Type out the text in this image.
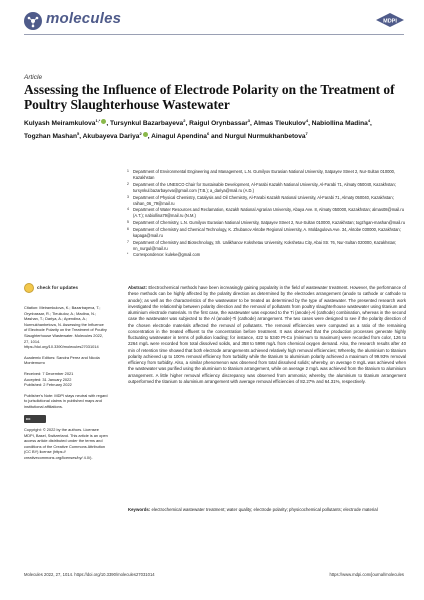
molecules	MDPI
Article
Assessing the Influence of Electrode Polarity on the Treatment of Poultry Slaughterhouse Wastewater
Kulyash Meiramkulova$^{1,*}$ , Tursynkul Bazarbayeva$^2$, Raigul Orynbassar$^3$, Almas Tleukulov$^4$, Nabiollina Madina$^4$, Togzhan Mashan$^5$, Akubayeva Dariya$^2$ , Ainagul Apendina$^6$ and Nurgul Nurmukhanbetova$^7$
1	Department of Environmental Engineering and Management, L.N. Gumilyov Eurasian National University, Satpayev Street 2, Nur-Sultan 010000, Kazakhstan
2	Department of the UNESCO Chair for Sustainable Development, Al-Farabi Kazakh National University, Al-Farabi 71, Almaty 050040, Kazakhstan; tursynkul.bazarbayeva@gmail.com (T.B.); a_dariya@mail.ru (A.D.)
3	Department of Physical Chemistry, Catalysis and Oil Chemistry, Al-Farabi Kazakh National University, Al-Farabi 71, Almaty 050040, Kazakhstan; raihan_06_79@mail.ru
4	Department of Water Resources and Reclamation, Kazakh National Agrarian University, Abaya Ave. 8, Almaty 050000, Kazakhstan; almas08@mail.ru (A.T.); nabiollina79@mail.ru (N.M.)
5	Department of Chemistry, L.N. Gumilyov Eurasian National University, Satpayev Street 2, Nur-Sultan 010000, Kazakhstan; togzhgan-mashan@mail.ru
6	Department of Chemistry and Chemical Technology, K. Zhubanov Aktobe Regional University, A. Moldagulova Ave. 34, Aktobe 030000, Kazakhstan; kapaga@mail.ru
7	Department of Chemistry and Biotechnology, Sh. Ualikhanov Kokshetau University, Kokshetau City, Abai Str. 76, Nur-Sultan 020000, Kazakhstan; nn_nurgul@mail.ru
*	Correspondence: kuleke@gmail.com
check for updates
Citation: Meiramkulova, K.; Bazarbayeva, T.; Orynbassar, R.; Tleukulov, A.; Madina, N.; Mashan, T.; Dariya, A.; Apendina, A.; Nurmukhanbetova, N. Assessing the Influence of Electrode Polarity on the Treatment of Poultry Slaughterhouse Wastewater. Molecules 2022, 27, 1014. https://doi.org/10.3390/molecules27031014
Academic Editors: Sandra Perez and Nicola Montemurro
Received: 7 December 2021
Accepted: 31 January 2022
Published: 2 February 2022
Publisher's Note: MDPI stays neutral with regard to jurisdictional claims in published maps and institutional affiliations.
cc
Copyright: © 2022 by the authors. Licensee MDPI, Basel, Switzerland. This article is an open access article distributed under the terms and conditions of the Creative Commons Attribution (CC BY) license (https:// creativecommons.org/licenses/by/ 4.0/).
Abstract: Electrochemical methods have been increasingly gaining popularity in the field of wastewater treatment. However, the performance of these methods can be highly affected by the polarity direction as determined by the electrodes arrangement (anode to cathode or cathode to anode); as well as the characteristics of the wastewater to be treated as determined by the type of wastewater. The presented research work investigated the relationship between polarity direction and the removal of pollutants from poultry slaughterhouse wastewater using titanium and aluminium electrode materials. In the first case, the wastewater was exposed to the Ti (anode)-Al (cathode) combination, whereas in the second case the wastewater was subjected to the Al (anode)-Ti (cathode) arrangement. The two cases were designed to see if the polarity direction of the chosen electrode materials affected the removal of pollutants. The removal efficiencies were computed as a ratio of the remaining concentration in the treated effluent to the concentration before treatment. It was observed that the production processes generate highly fluctuating wastewater in terms of pollution loading; for instance, 422 to 5340 Pt-Co (minimum to maximum) were recorded from color, 126 to 2264 mg/L were recorded from total dissolved solids, and 358 to 5998 mg/L from chemical oxygen demand. Also, the research results after 40 min of retention time showed that both electrode arrangements achieved relatively high removal efficiencies; Whereby, the aluminium to titanium polarity achieved up to 100% removal efficiency from turbidity while the titanium to aluminium polarity achieved a maximum of 99.93% removal efficiency from turbidity. Also, a similar phenomenon was observed from total dissolved solids; whereby, on average 0 mg/L was achieved when the wastewater was purified using the aluminium to titanium arrangement, while on average 2 mg/L was achieved from the titanium to aluminium arrangement. A little higher removal efficiency discrepancy was observed from ammonia; whereby, the aluminium to titanium arrangement outperformed the titanium to aluminium arrangement with average removal efficiencies of 82.27% and 64.31%, respectively.
Keywords: electrochemical wastewater treatment; water quality; electrode polarity; physicochemical pollutants; electrode material
Molecules 2022, 27, 1014. https://doi.org/10.3390/molecules27031014	https://www.mdpi.com/journal/molecules
